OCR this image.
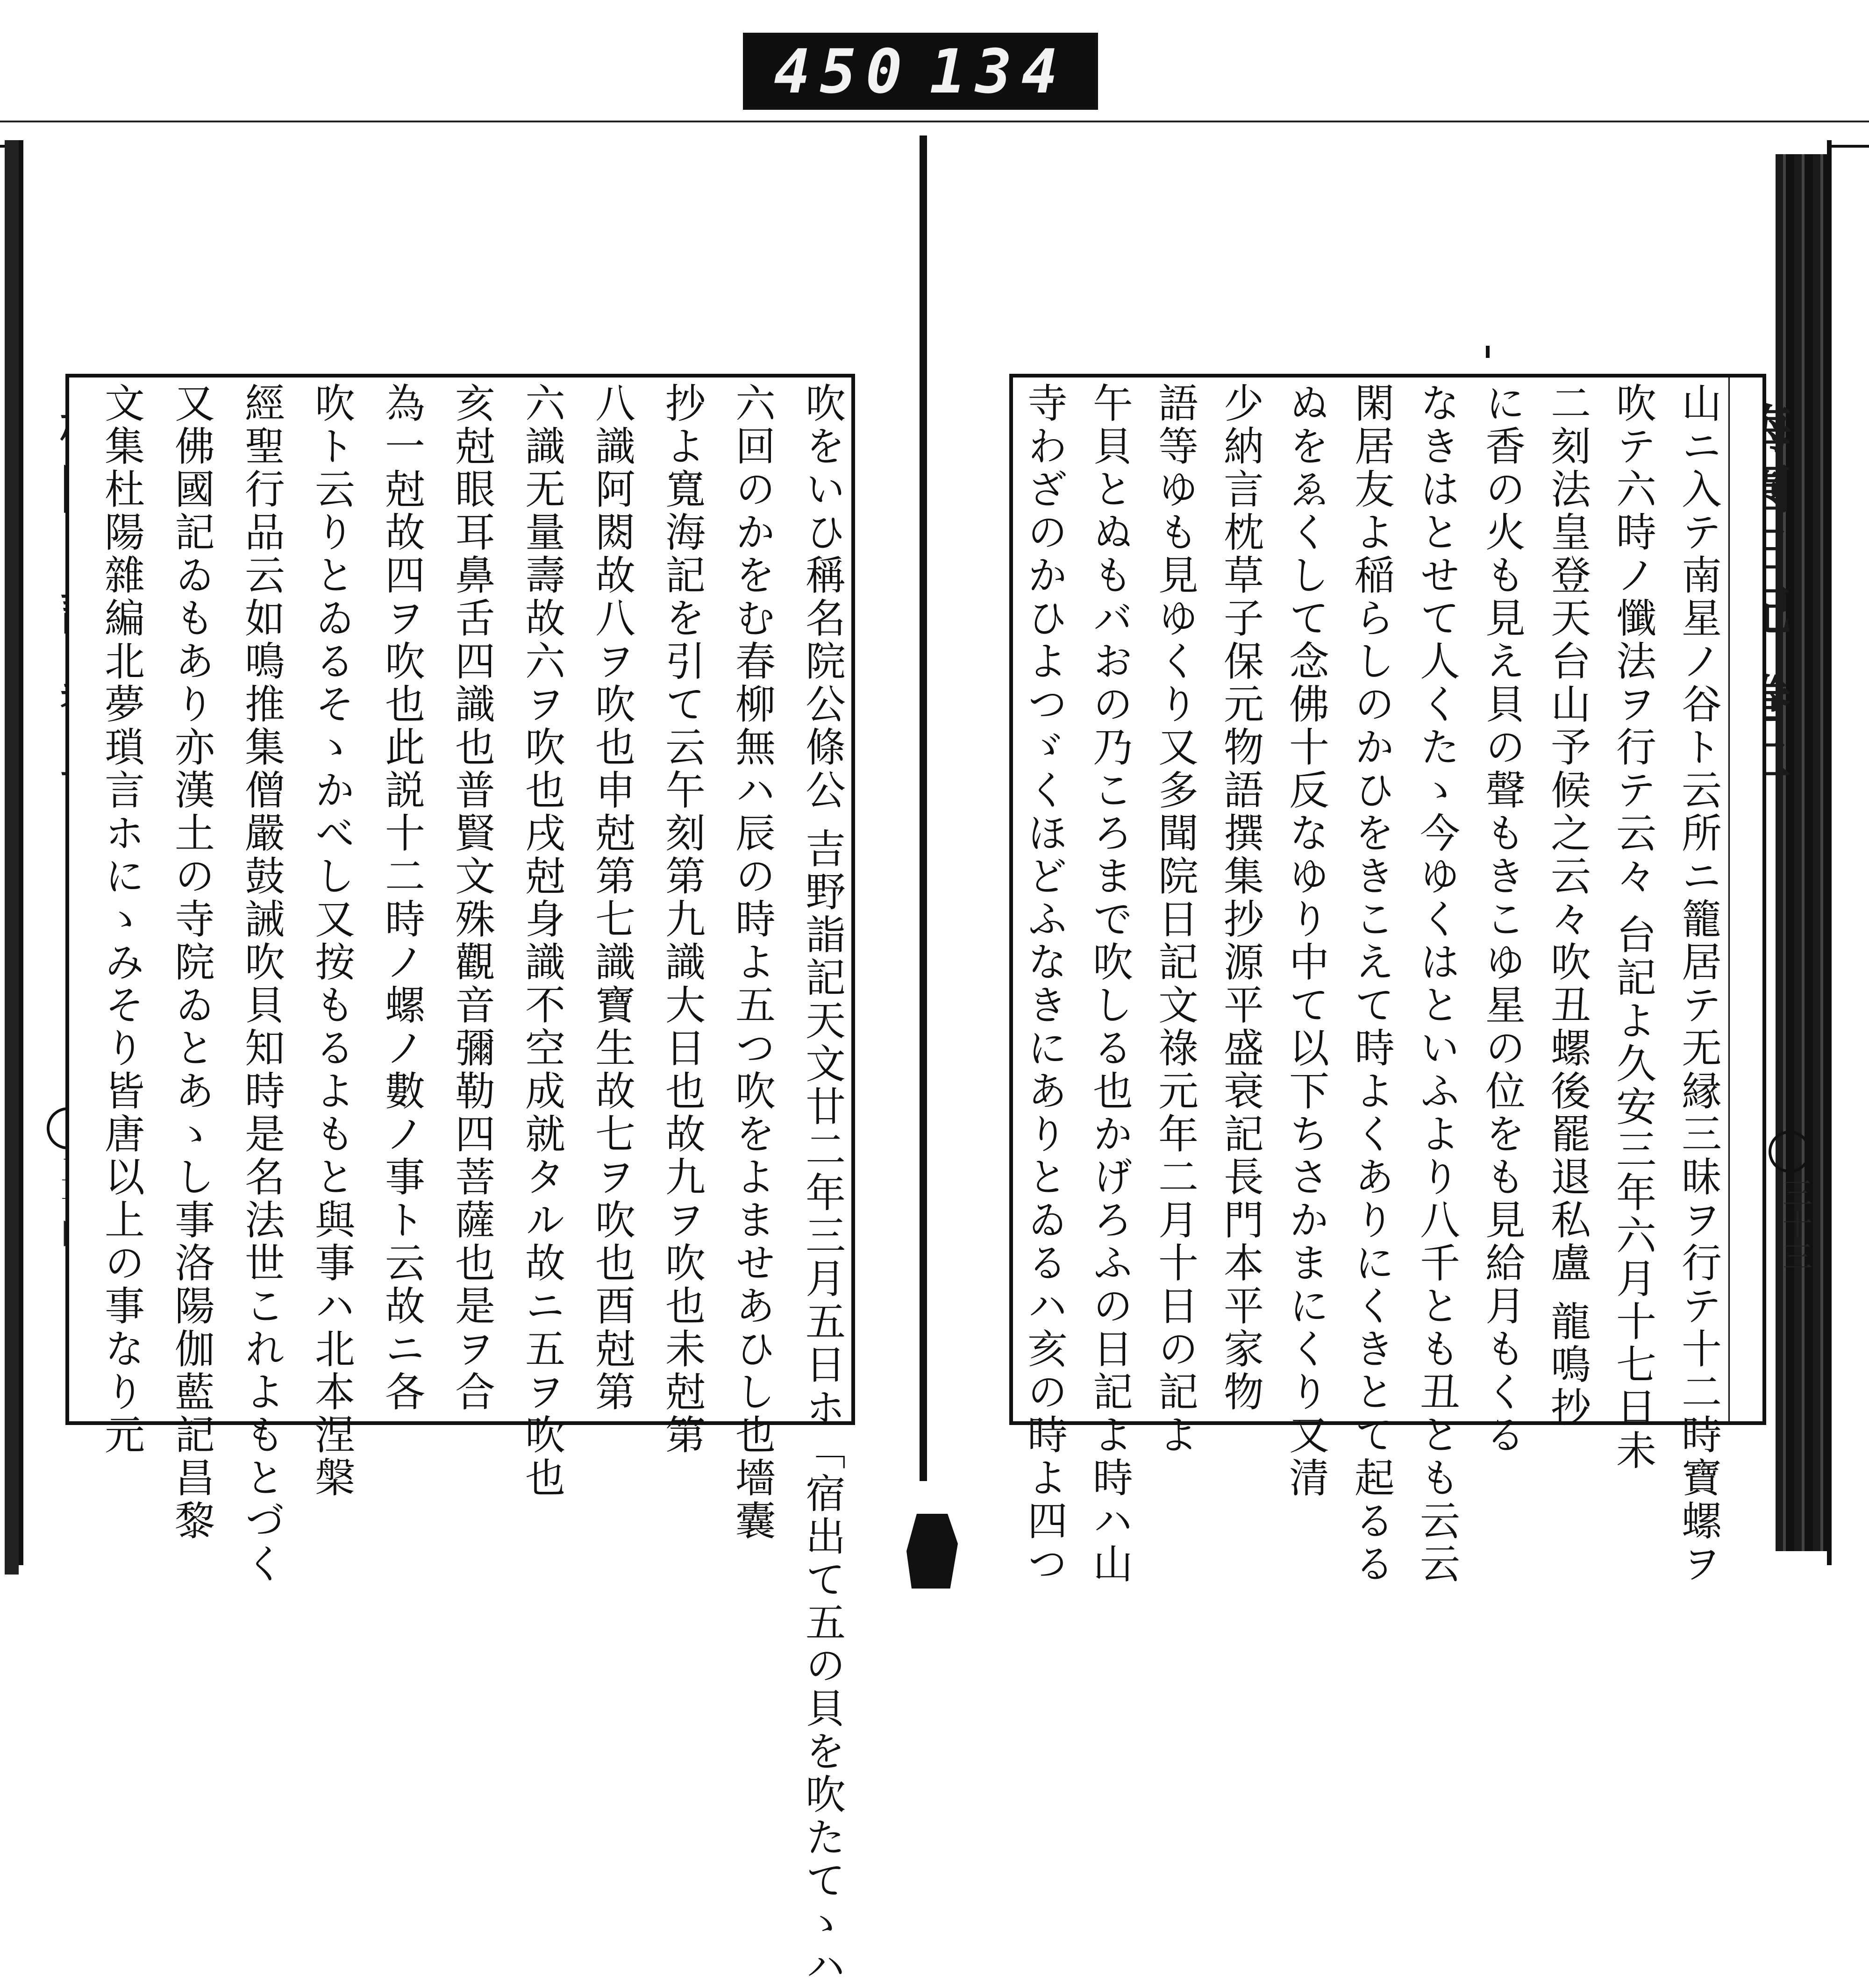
450 134
吹をいひ稱名院公條公 吉野詣記天文廿二年三月五日ホ「宿出て五の貝を吹たてゝハ
六回のかをむ春柳無ハ辰の時よ五つ吹をよませあひし也墻囊
抄よ寬海記を引て云午刻第九識大日也故九ヲ吹也未尅第
八識阿閦故八ヲ吹也申尅第七識寶生故七ヲ吹也酉尅第
六識无量壽故六ヲ吹也戌尅身識不空成就タル故ニ五ヲ吹也
亥尅眼耳鼻舌四識也普賢文殊觀音彌勒四菩薩也是ヲ合
為一尅故四ヲ吹也此説十二時ノ螺ノ數ノ事ト云故ニ各
吹ト云りとゐるそゝかべし又按もるよもと與事ハ北本涅槃
經聖行品云如鳴推集僧嚴鼓誡吹貝知時是名法世これよもとづく
又佛國記ゐもあり亦漢土の寺院ゐとあゝし事洛陽伽藍記昌黎
文集杜陽雜編北夢瑣言ホにゝみそり皆唐以上の事なり元	三十三
山ニ入テ南星ノ谷ト云所ニ籠居テ无縁三昧ヲ行テ十二時寶螺ヲ
吹テ六時ノ懺法ヲ行テ云々 台記よ久安三年六月十七日未
二刻法皇登天台山予候之云々吹丑螺後罷退私盧 龍鳴抄
に香の火も見え貝の聲もきこゆ星の位をも見給月もくる
なきはとせて人くたゝ今ゆくはといふより八千とも丑とも云云
閑居友よ稲らしのかひをきこえて時よくありにくきとて起るる
ぬをゑくして念佛十反なゆり中て以下ちさかまにくり又清
少納言枕草子保元物語撰集抄源平盛衰記長門本平家物
語等ゆも見ゆくり又多聞院日記文祿元年二月十日の記よ
午貝とぬもバおの乃ころまで吹しる也かげろふの日記よ時ハ山
寺わざのかひよつゞくほどふなきにありとゐるハ亥の時よ四つ
